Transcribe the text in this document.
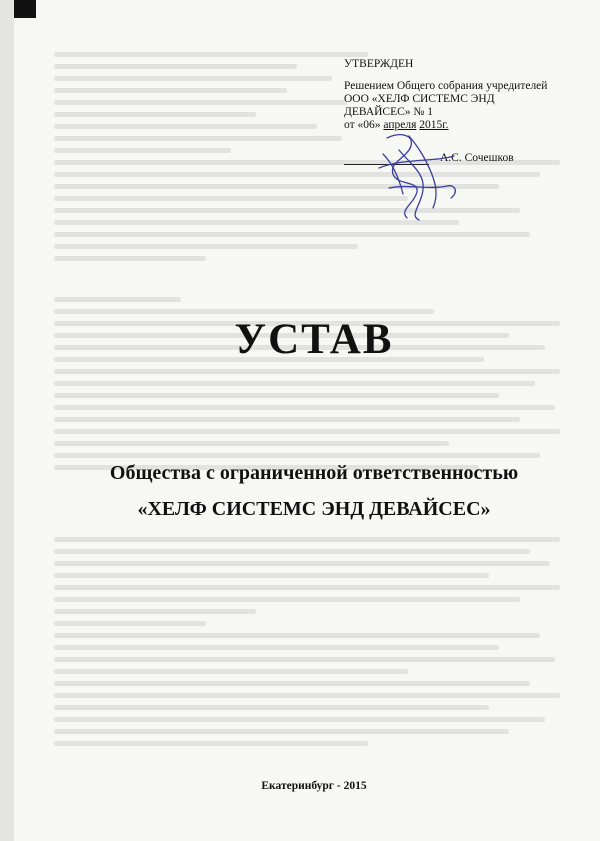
УТВЕРЖДЕН
Решением Общего собрания учредителей
ООО «ХЕЛФ СИСТЕМС ЭНД
ДЕВАЙСЕС» № 1
от «06» апреля 2015г.
А.С. Сочешков
УСТАВ
Общества с ограниченной ответственностью
«ХЕЛФ СИСТЕМС ЭНД ДЕВАЙСЕС»
Екатеринбург - 2015
